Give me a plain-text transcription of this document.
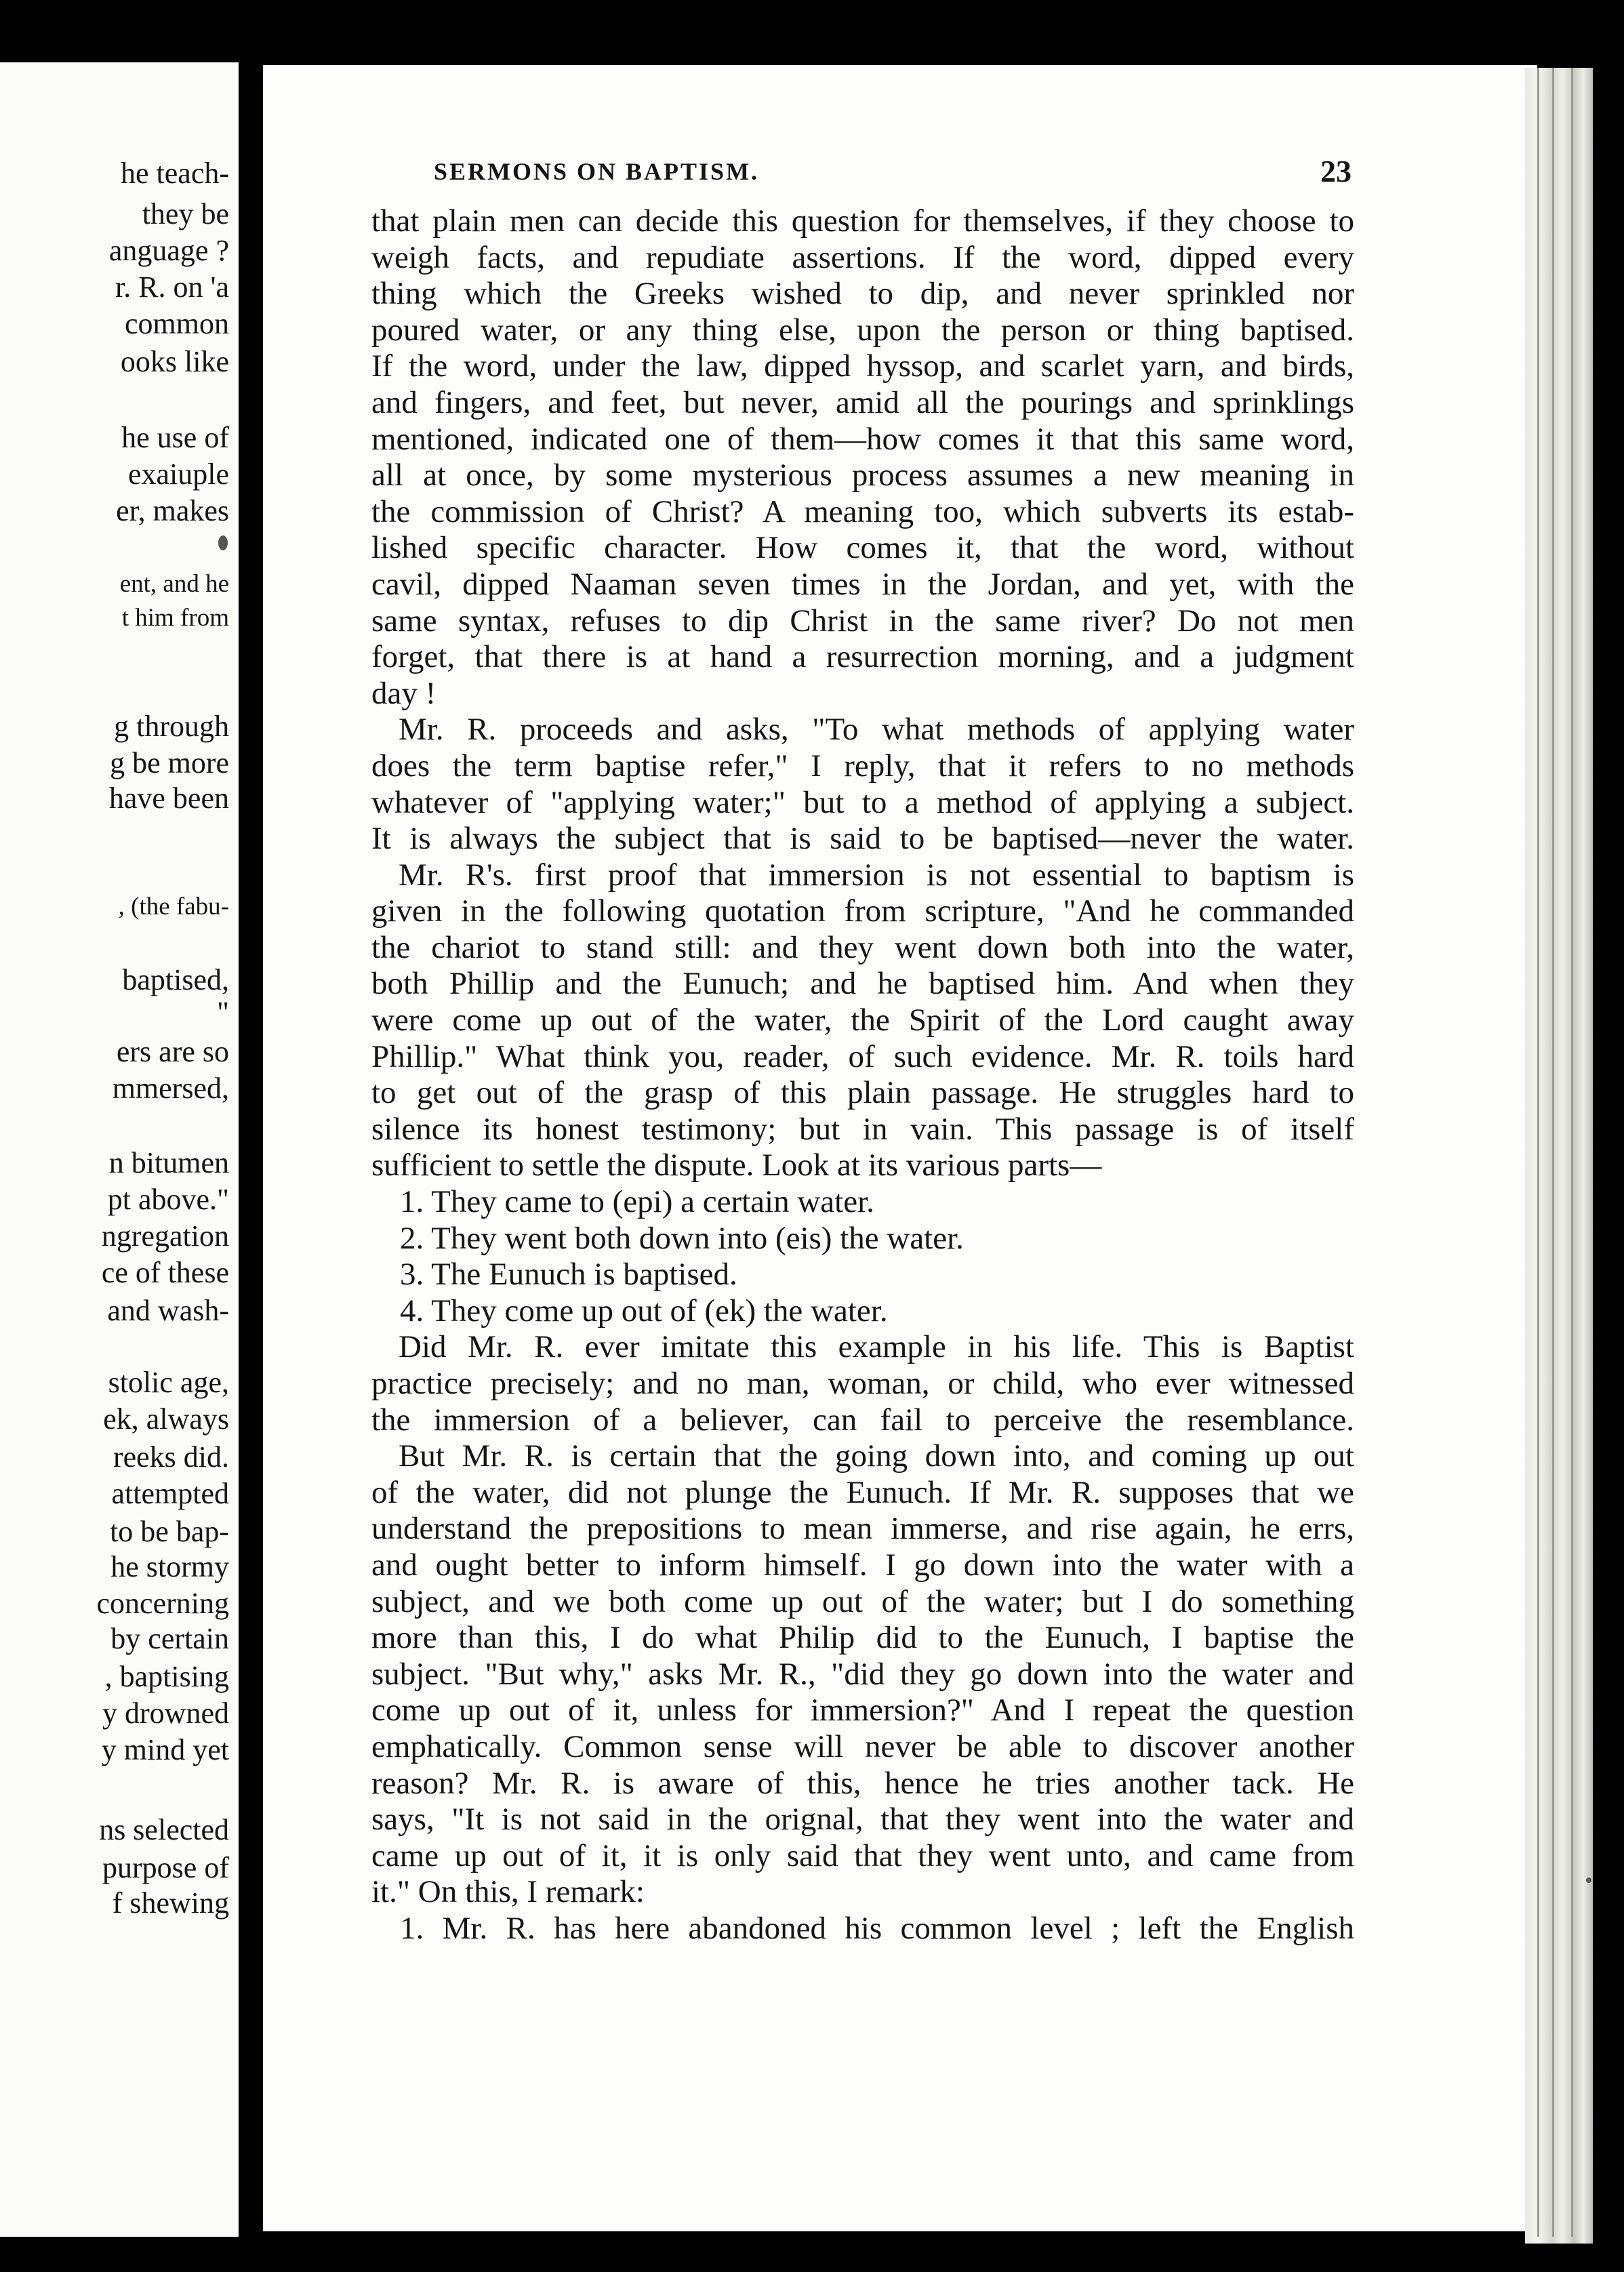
he teach-
they be
anguage ?
r. R. on 'a
common
ooks like
he use of
exaiuple
er, makes
ent, and he
t him from
g through
g be more
have been
, (the fabu-
baptised,
"
ers are so
mmersed,
n bitumen
pt above."
ngregation
ce of these
and wash-
stolic age,
ek, always
reeks did.
attempted
to be bap-
he stormy
concerning
by certain
, baptising
y drowned
y mind yet
ns selected
purpose of
f shewing
SERMONS ON BAPTISM.	23
that plain men can decide this question for themselves, if they choose to
weigh facts, and repudiate assertions. If the word, dipped every
thing which the Greeks wished to dip, and never sprinkled nor
poured water, or any thing else, upon the person or thing baptised.
If the word, under the law, dipped hyssop, and scarlet yarn, and birds,
and fingers, and feet, but never, amid all the pourings and sprinklings
mentioned, indicated one of them—how comes it that this same word,
all at once, by some mysterious process assumes a new meaning in
the commission of Christ? A meaning too, which subverts its estab-
lished specific character. How comes it, that the word, without
cavil, dipped Naaman seven times in the Jordan, and yet, with the
same syntax, refuses to dip Christ in the same river? Do not men
forget, that there is at hand a resurrection morning, and a judgment
day !
Mr. R. proceeds and asks, "To what methods of applying water
does the term baptise refer," I reply, that it refers to no methods
whatever of "applying water;" but to a method of applying a subject.
It is always the subject that is said to be baptised—never the water.
Mr. R's. first proof that immersion is not essential to baptism is
given in the following quotation from scripture, "And he commanded
the chariot to stand still: and they went down both into the water,
both Phillip and the Eunuch; and he baptised him. And when they
were come up out of the water, the Spirit of the Lord caught away
Phillip." What think you, reader, of such evidence. Mr. R. toils hard
to get out of the grasp of this plain passage. He struggles hard to
silence its honest testimony; but in vain. This passage is of itself
sufficient to settle the dispute. Look at its various parts—
1. They came to (epi) a certain water.
2. They went both down into (eis) the water.
3. The Eunuch is baptised.
4. They come up out of (ek) the water.
Did Mr. R. ever imitate this example in his life. This is Baptist
practice precisely; and no man, woman, or child, who ever witnessed
the immersion of a believer, can fail to perceive the resemblance.
But Mr. R. is certain that the going down into, and coming up out
of the water, did not plunge the Eunuch. If Mr. R. supposes that we
understand the prepositions to mean immerse, and rise again, he errs,
and ought better to inform himself. I go down into the water with a
subject, and we both come up out of the water; but I do something
more than this, I do what Philip did to the Eunuch, I baptise the
subject. "But why," asks Mr. R., "did they go down into the water and
come up out of it, unless for immersion?" And I repeat the question
emphatically. Common sense will never be able to discover another
reason? Mr. R. is aware of this, hence he tries another tack. He
says, "It is not said in the orignal, that they went into the water and
came up out of it, it is only said that they went unto, and came from
it." On this, I remark:
1. Mr. R. has here abandoned his common level ; left the English
